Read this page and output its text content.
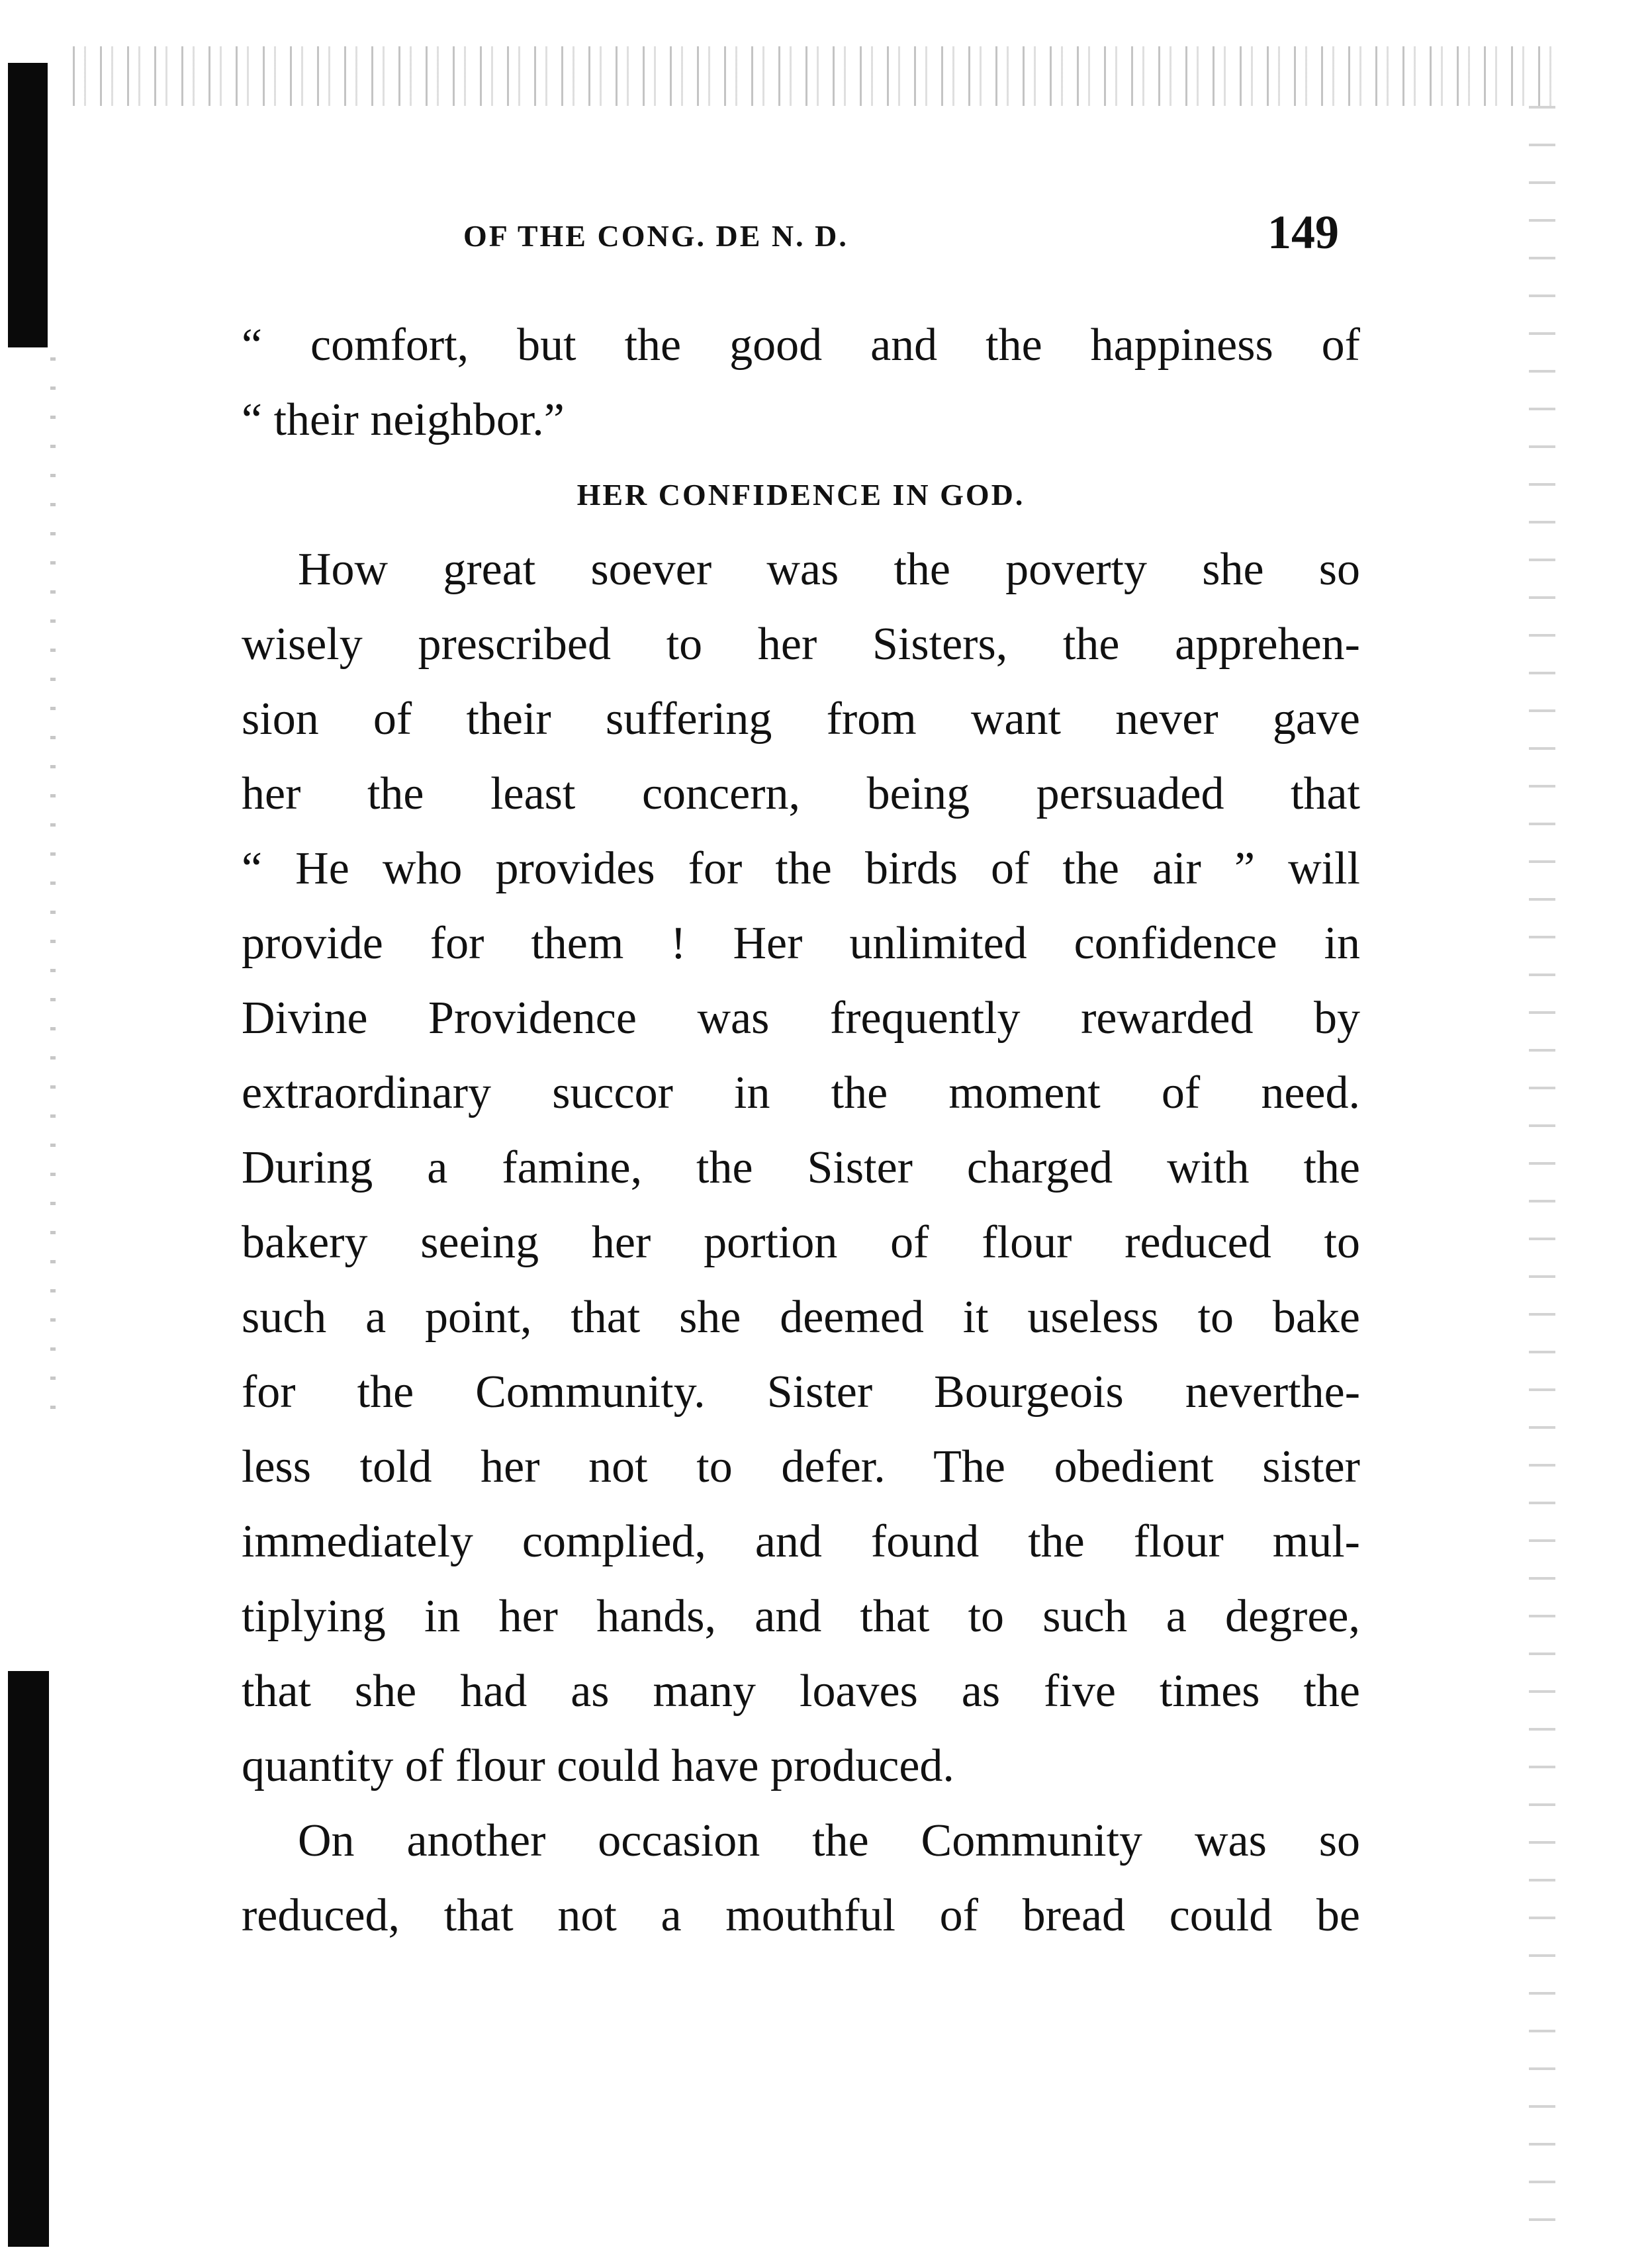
OF THE CONG. DE N. D.	149
“ comfort, but the good and the happiness of
“ their neighbor.”
HER CONFIDENCE IN GOD.
How great soever was the poverty she so
wisely prescribed to her Sisters, the apprehen-
sion of their suffering from want never gave
her the least concern, being persuaded that
“ He who provides for the birds of the air ” will
provide for them ! Her unlimited confidence in
Divine Providence was frequently rewarded by
extraordinary succor in the moment of need.
During a famine, the Sister charged with the
bakery seeing her portion of flour reduced to
such a point, that she deemed it useless to bake
for the Community. Sister Bourgeois neverthe-
less told her not to defer. The obedient sister
immediately complied, and found the flour mul-
tiplying in her hands, and that to such a degree,
that she had as many loaves as five times the
quantity of flour could have produced.
On another occasion the Community was so
reduced, that not a mouthful of bread could be
